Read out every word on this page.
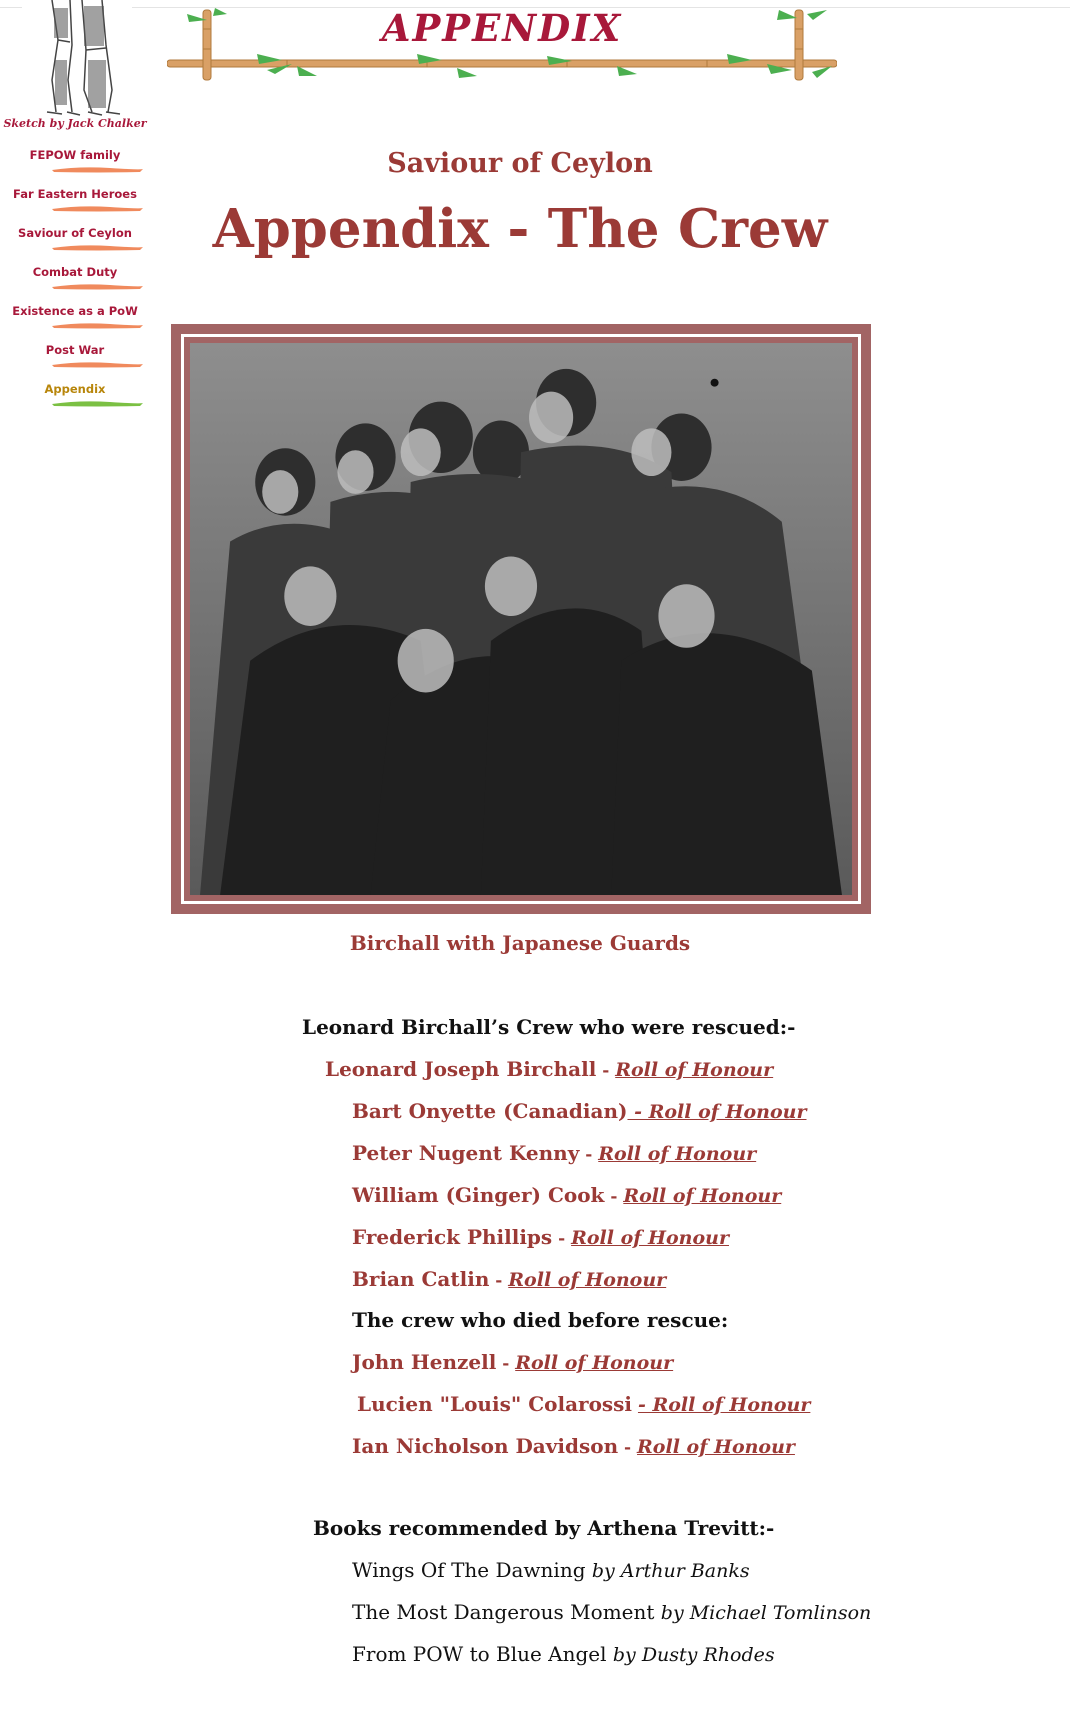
Sketch by Jack Chalker
FEPOW family
Far Eastern Heroes
Saviour of Ceylon
Combat Duty
Existence as a PoW
Post War
Appendix
APPENDIX
Saviour of Ceylon
Appendix - The Crew
Birchall with Japanese Guards
Leonard Birchall’s Crew who were rescued:-
Leonard Joseph Birchall - Roll of Honour
Bart Onyette (Canadian) - Roll of Honour
Peter Nugent Kenny - Roll of Honour
William (Ginger) Cook - Roll of Honour
Frederick Phillips - Roll of Honour
Brian Catlin - Roll of Honour
The crew who died before rescue:
John Henzell - Roll of Honour
Lucien "Louis" Colarossi - Roll of Honour
Ian Nicholson Davidson - Roll of Honour
Books recommended by Arthena Trevitt:-
Wings Of The Dawning by Arthur Banks
The Most Dangerous Moment by Michael Tomlinson
From POW to Blue Angel by Dusty Rhodes
